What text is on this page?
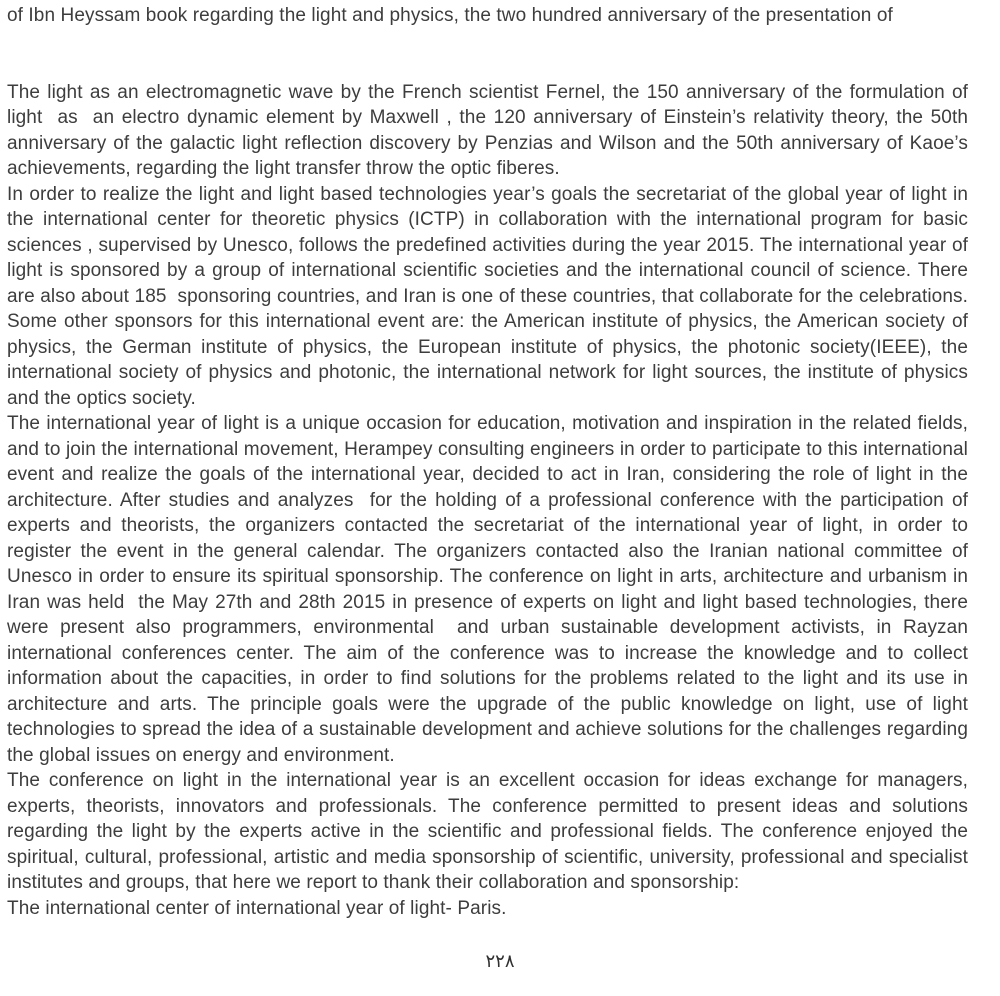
of Ibn Heyssam book regarding the light and physics, the two hundred anniversary of the presentation of

The light as an electromagnetic wave by the French scientist Fernel, the 150 anniversary of the formulation of light  as  an electro dynamic element by Maxwell , the 120 anniversary of Einstein’s relativity theory, the 50th anniversary of the galactic light reflection discovery by Penzias and Wilson and the 50th anniversary of Kaoe’s achievements, regarding the light transfer throw the optic fiberes.

In order to realize the light and light based technologies year’s goals the secretariat of the global year of light in the international center for theoretic physics (ICTP) in collaboration with the international program for basic sciences , supervised by Unesco, follows the predefined activities during the year 2015. The international year of light is sponsored by a group of international scientific societies and the international council of science. There are also about 185  sponsoring countries, and Iran is one of these countries, that collaborate for the celebrations. Some other sponsors for this international event are: the American institute of physics, the American society of physics, the German institute of physics, the European institute of physics, the photonic society(IEEE), the international society of physics and photonic, the international network for light sources, the institute of physics and the optics society.

The international year of light is a unique occasion for education, motivation and inspiration in the related fields, and to join the international movement, Herampey consulting engineers in order to participate to this international event and realize the goals of the international year, decided to act in Iran, considering the role of light in the architecture. After studies and analyzes  for the holding of a professional conference with the participation of experts and theorists, the organizers contacted the secretariat of the international year of light, in order to register the event in the general calendar. The organizers contacted also the Iranian national committee of Unesco in order to ensure its spiritual sponsorship. The conference on light in arts, architecture and urbanism in Iran was held  the May 27th and 28th 2015 in presence of experts on light and light based technologies, there were present also programmers, environmental  and urban sustainable development activists, in Rayzan international conferences center. The aim of the conference was to increase the knowledge and to collect information about the capacities, in order to find solutions for the problems related to the light and its use in architecture and arts. The principle goals were the upgrade of the public knowledge on light, use of light technologies to spread the idea of a sustainable development and achieve solutions for the challenges regarding the global issues on energy and environment.

The conference on light in the international year is an excellent occasion for ideas exchange for managers, experts, theorists, innovators and professionals. The conference permitted to present ideas and solutions regarding the light by the experts active in the scientific and professional fields. The conference enjoyed the spiritual, cultural, professional, artistic and media sponsorship of scientific, university, professional and specialist institutes and groups, that here we report to thank their collaboration and sponsorship:

The international center of international year of light- Paris.

۲۲۸
